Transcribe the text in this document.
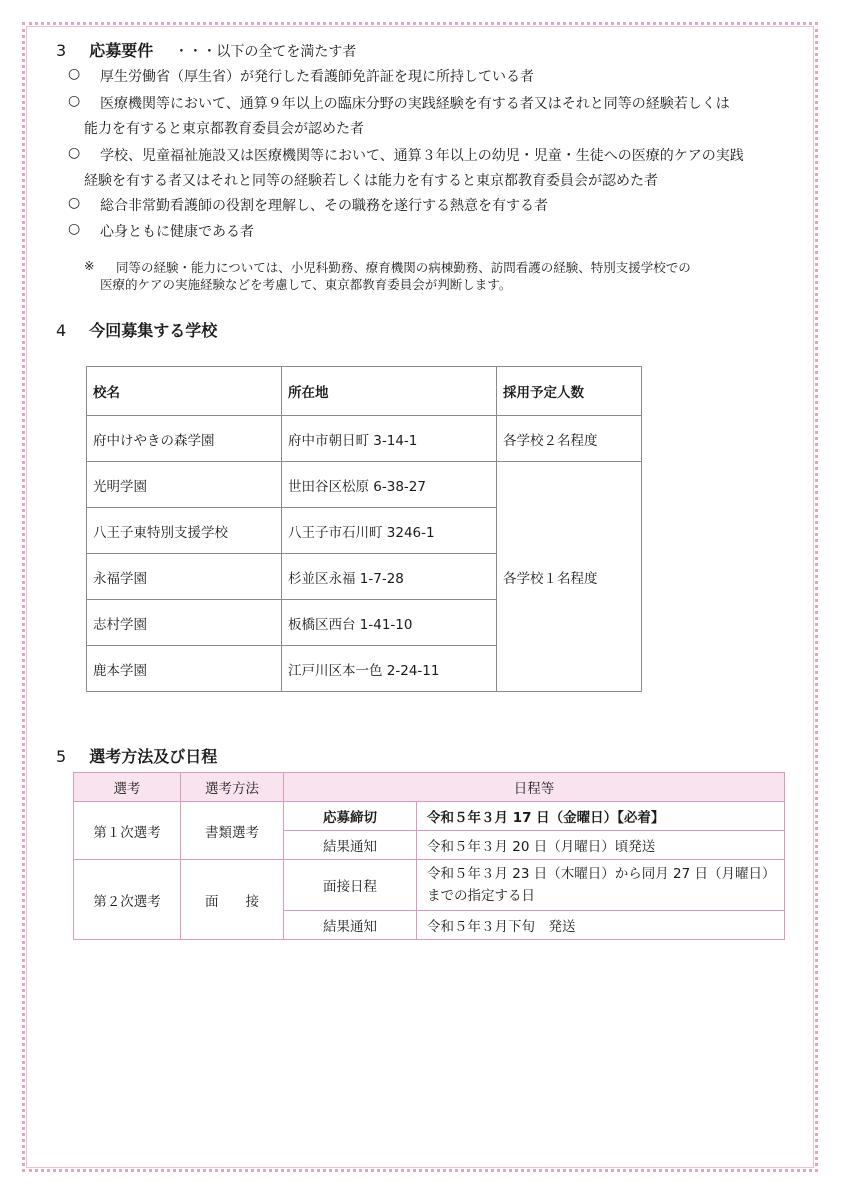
3 応募要件 ・・・以下の全てを満たす者
○ 厚生労働省（厚生省）が発行した看護師免許証を現に所持している者
○ 医療機関等において、通算９年以上の臨床分野の実践経験を有する者又はそれと同等の経験若しくは
能力を有すると東京都教育委員会が認めた者
○ 学校、児童福祉施設又は医療機関等において、通算３年以上の幼児・児童・生徒への医療的ケアの実践
経験を有する者又はそれと同等の経験若しくは能力を有すると東京都教育委員会が認めた者
○ 総合非常勤看護師の役割を理解し、その職務を遂行する熱意を有する者
○ 心身ともに健康である者
※ 同等の経験・能力については、小児科勤務、療育機関の病棟勤務、訪問看護の経験、特別支援学校での
医療的ケアの実施経験などを考慮して、東京都教育委員会が判断します。
4 今回募集する学校
校名	所在地	採用予定人数
府中けやきの森学園	府中市朝日町 3-14-1	各学校２名程度
光明学園	世田谷区松原 6-38-27	各学校１名程度
八王子東特別支援学校	八王子市石川町 3246-1	
永福学園	杉並区永福 1-7-28	
志村学園	板橋区西台 1-41-10	
鹿本学園	江戸川区本一色 2-24-11	
5 選考方法及び日程
選考	選考方法	日程等	
第１次選考	書類選考	応募締切	令和５年３月 17 日（金曜日）【必着】
		結果通知	令和５年３月 20 日（月曜日）頃発送
第２次選考	面　　接	面接日程	令和５年３月 23 日（木曜日）から同月 27 日（月曜日）までの指定する日
		結果通知	令和５年３月下旬　発送
